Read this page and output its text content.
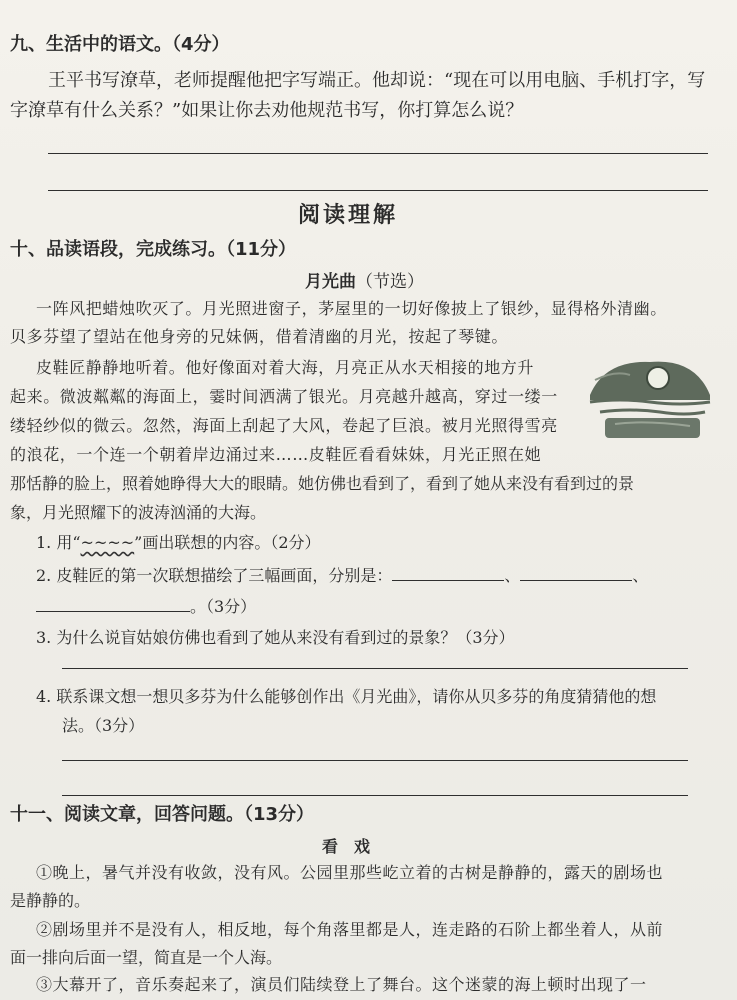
九、生活中的语文。（4分）
王平书写潦草，老师提醒他把字写端正。他却说：“现在可以用电脑、手机打字，写
字潦草有什么关系？”如果让你去劝他规范书写，你打算怎么说？
阅读理解
十、品读语段，完成练习。（11分）
月光曲（节选）
一阵风把蜡烛吹灭了。月光照进窗子，茅屋里的一切好像披上了银纱，显得格外清幽。
贝多芬望了望站在他身旁的兄妹俩，借着清幽的月光，按起了琴键。
皮鞋匠静静地听着。他好像面对着大海，月亮正从水天相接的地方升
起来。微波粼粼的海面上，霎时间洒满了银光。月亮越升越高，穿过一缕一
缕轻纱似的微云。忽然，海面上刮起了大风，卷起了巨浪。被月光照得雪亮
的浪花，一个连一个朝着岸边涌过来……皮鞋匠看看妹妹，月光正照在她
那恬静的脸上，照着她睁得大大的眼睛。她仿佛也看到了，看到了她从来没有看到过的景
象，月光照耀下的波涛汹涌的大海。
1. 用“~~~~”画出联想的内容。（2分）
2. 皮鞋匠的第一次联想描绘了三幅画面，分别是：	、	、
。（3分）
3. 为什么说盲姑娘仿佛也看到了她从来没有看到过的景象？（3分）
4. 联系课文想一想贝多芬为什么能够创作出《月光曲》，请你从贝多芬的角度猜猜他的想
法。（3分）
十一、阅读文章，回答问题。（13分）
看　戏
①晚上，暑气并没有收敛，没有风。公园里那些屹立着的古树是静静的，露天的剧场也
是静静的。
②剧场里并不是没有人，相反地，每个角落里都是人，连走路的石阶上都坐着人，从前
面一排向后面一望，简直是一个人海。
③大幕开了，音乐奏起来了，演员们陆续登上了舞台。这个迷蒙的海上顿时出现了一
